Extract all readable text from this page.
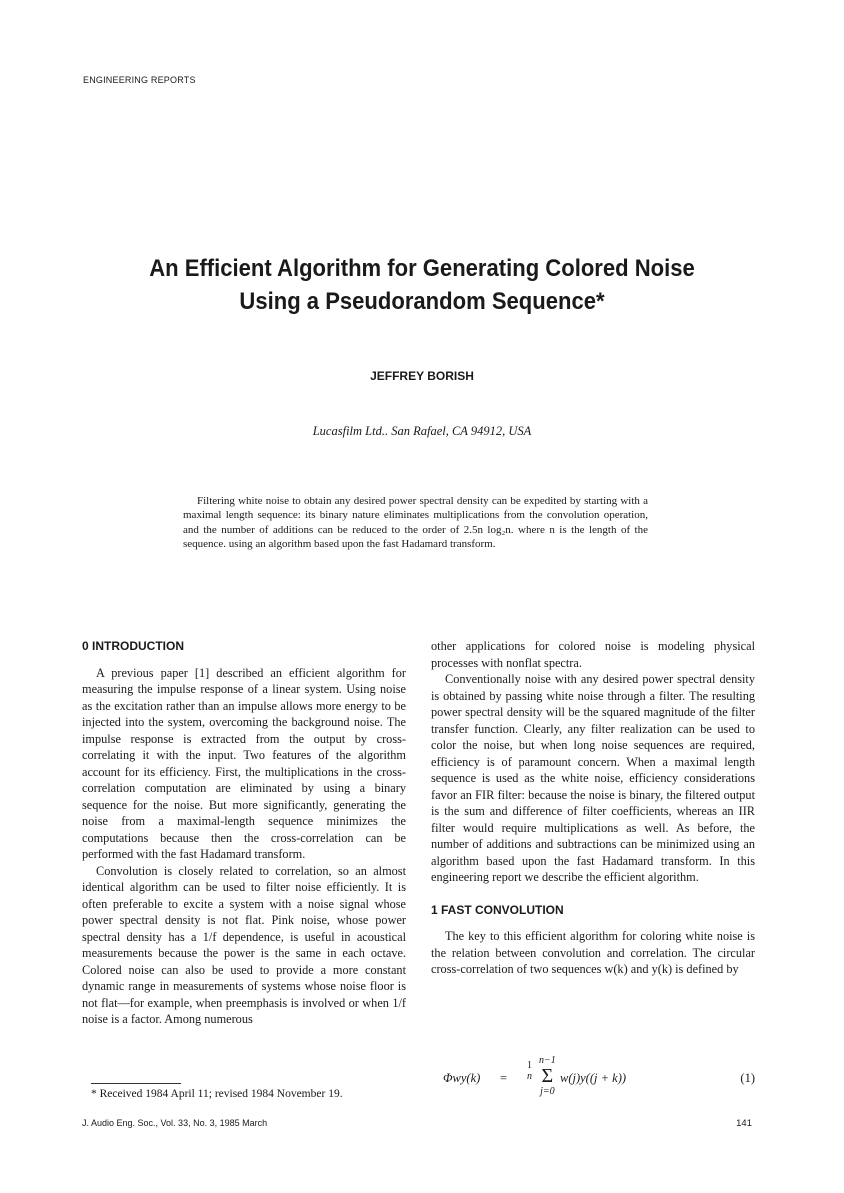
ENGINEERING REPORTS
An Efficient Algorithm for Generating Colored Noise
Using a Pseudorandom Sequence*
JEFFREY BORISH
Lucasfilm Ltd.. San Rafael, CA 94912, USA
Filtering white noise to obtain any desired power spectral density can be expedited by starting with a maximal length sequence: its binary nature eliminates multiplications from the convolution operation, and the number of additions can be reduced to the order of 2.5n log₂n. where n is the length of the sequence. using an algorithm based upon the fast Hadamard transform.
0 INTRODUCTION

A previous paper [1] described an efficient algorithm for measuring the impulse response of a linear system. Using noise as the excitation rather than an impulse allows more energy to be injected into the system, overcoming the background noise. The impulse response is extracted from the output by cross-correlating it with the input. Two features of the algorithm account for its efficiency. First, the multiplications in the cross-correlation computation are eliminated by using a binary sequence for the noise. But more significantly, generating the noise from a maximal-length sequence minimizes the computations because then the cross-correlation can be performed with the fast Hadamard transform.

Convolution is closely related to correlation, so an almost identical algorithm can be used to filter noise efficiently. It is often preferable to excite a system with a noise signal whose power spectral density is not flat. Pink noise, whose power spectral density has a 1/f dependence, is useful in acoustical measurements because the power is the same in each octave. Colored noise can also be used to provide a more constant dynamic range in measurements of systems whose noise floor is not flat—for example, when preemphasis is involved or when 1/f noise is a factor. Among numerous

other applications for colored noise is modeling physical processes with nonflat spectra.

Conventionally noise with any desired power spectral density is obtained by passing white noise through a filter. The resulting power spectral density will be the squared magnitude of the filter transfer function. Clearly, any filter realization can be used to color the noise, but when long noise sequences are required, efficiency is of paramount concern. When a maximal length sequence is used as the white noise, efficiency considerations favor an FIR filter: because the noise is binary, the filtered output is the sum and difference of filter coefficients, whereas an IIR filter would require multiplications as well. As before, the number of additions and subtractions can be minimized using an algorithm based upon the fast Hadamard transform. In this engineering report we describe the efficient algorithm.

1 FAST CONVOLUTION

The key to this efficient algorithm for coloring white noise is the relation between convolution and correlation. The circular cross-correlation of two sequences w(k) and y(k) is defined by

Φwy(k) =
1
n
n−1
Σ
j=0
w(j)y((j + k))	(1)
* Received 1984 April 11; revised 1984 November 19.
J. Audio Eng. Soc., Vol. 33, No. 3, 1985 March	141
